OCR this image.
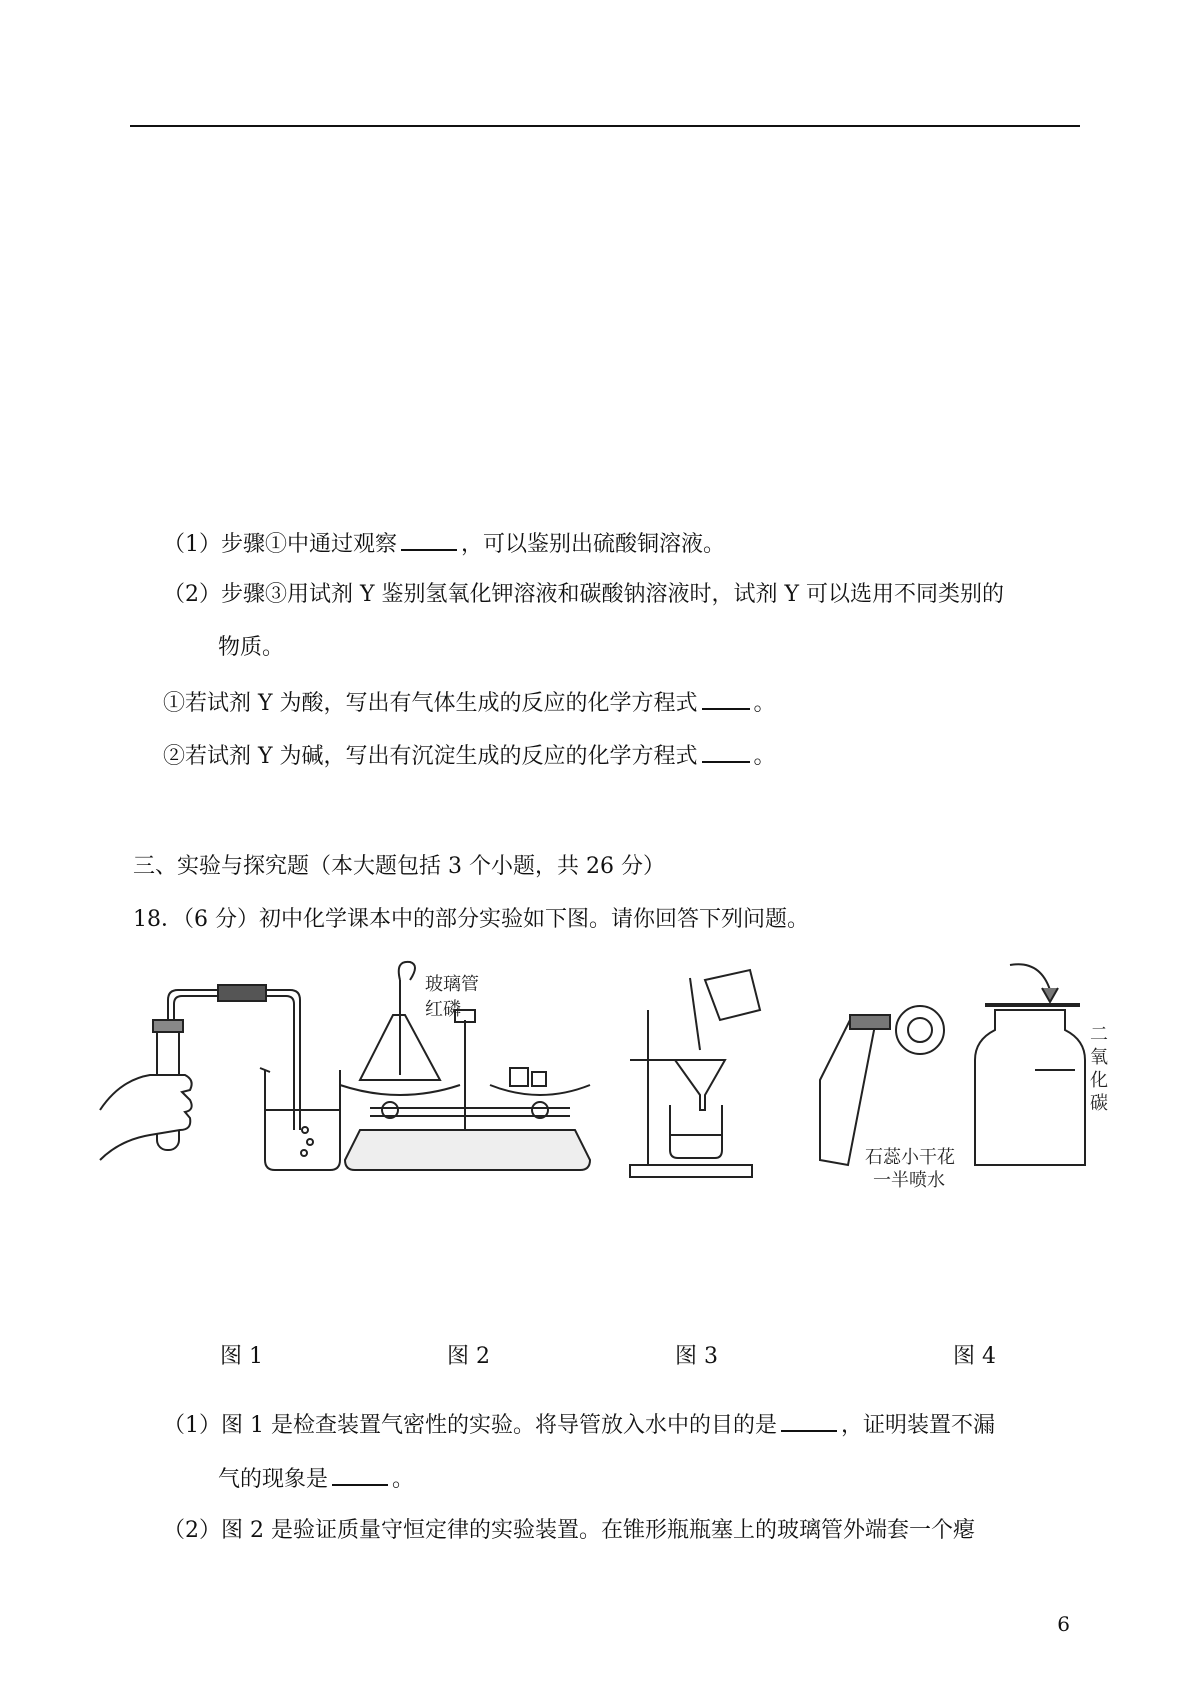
（1）步骤①中通过观察	，可以鉴别出硫酸铜溶液。
（2）步骤③用试剂 Y 鉴别氢氧化钾溶液和碳酸钠溶液时，试剂 Y 可以选用不同类别的
物质。
①若试剂 Y 为酸，写出有气体生成的反应的化学方程式	。
②若试剂 Y 为碱，写出有沉淀生成的反应的化学方程式	。
三、实验与探究题（本大题包括 3 个小题，共 26 分）
18．（6 分）初中化学课本中的部分实验如下图。请你回答下列问题。
玻璃管
红磷
石蕊小干花
一半喷水
二
氧
化
碳
图 1	图 2	图 3	图 4
（1）图 1 是检查装置气密性的实验。将导管放入水中的目的是	，证明装置不漏
气的现象是	。
（2）图 2 是验证质量守恒定律的实验装置。在锥形瓶瓶塞上的玻璃管外端套一个瘪
6
